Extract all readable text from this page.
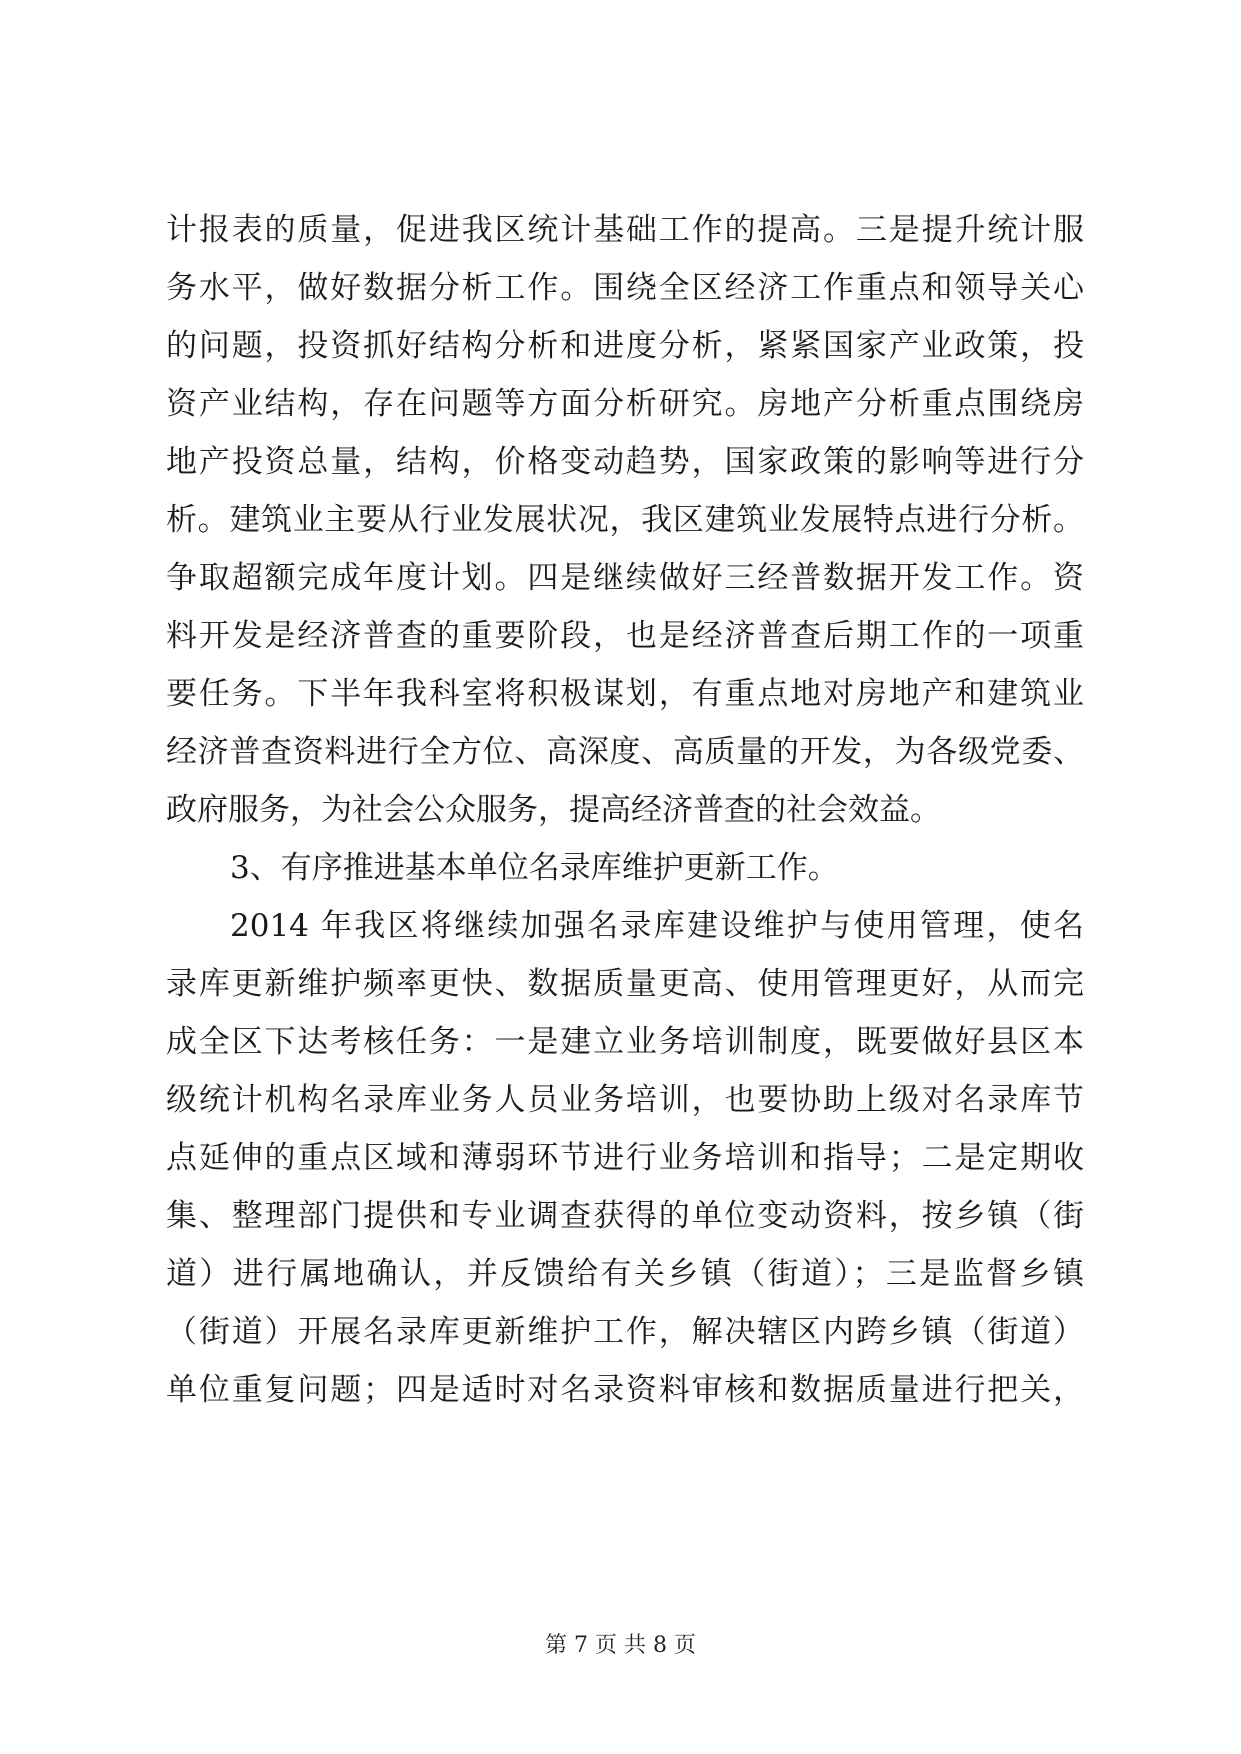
计报表的质量，促进我区统计基础工作的提高。三是提升统计服
务水平，做好数据分析工作。围绕全区经济工作重点和领导关心
的问题，投资抓好结构分析和进度分析，紧紧国家产业政策，投
资产业结构，存在问题等方面分析研究。房地产分析重点围绕房
地产投资总量，结构，价格变动趋势，国家政策的影响等进行分
析。建筑业主要从行业发展状况，我区建筑业发展特点进行分析。
争取超额完成年度计划。四是继续做好三经普数据开发工作。资
料开发是经济普查的重要阶段，也是经济普查后期工作的一项重
要任务。下半年我科室将积极谋划，有重点地对房地产和建筑业
经济普查资料进行全方位、高深度、高质量的开发，为各级党委、
政府服务，为社会公众服务，提高经济普查的社会效益。
3、有序推进基本单位名录库维护更新工作。
2014 年我区将继续加强名录库建设维护与使用管理，使名
录库更新维护频率更快、数据质量更高、使用管理更好，从而完
成全区下达考核任务：一是建立业务培训制度，既要做好县区本
级统计机构名录库业务人员业务培训，也要协助上级对名录库节
点延伸的重点区域和薄弱环节进行业务培训和指导；二是定期收
集、整理部门提供和专业调查获得的单位变动资料，按乡镇（街
道）进行属地确认，并反馈给有关乡镇（街道）；三是监督乡镇
（街道）开展名录库更新维护工作，解决辖区内跨乡镇（街道）
单位重复问题；四是适时对名录资料审核和数据质量进行把关，
第 7 页 共 8 页
